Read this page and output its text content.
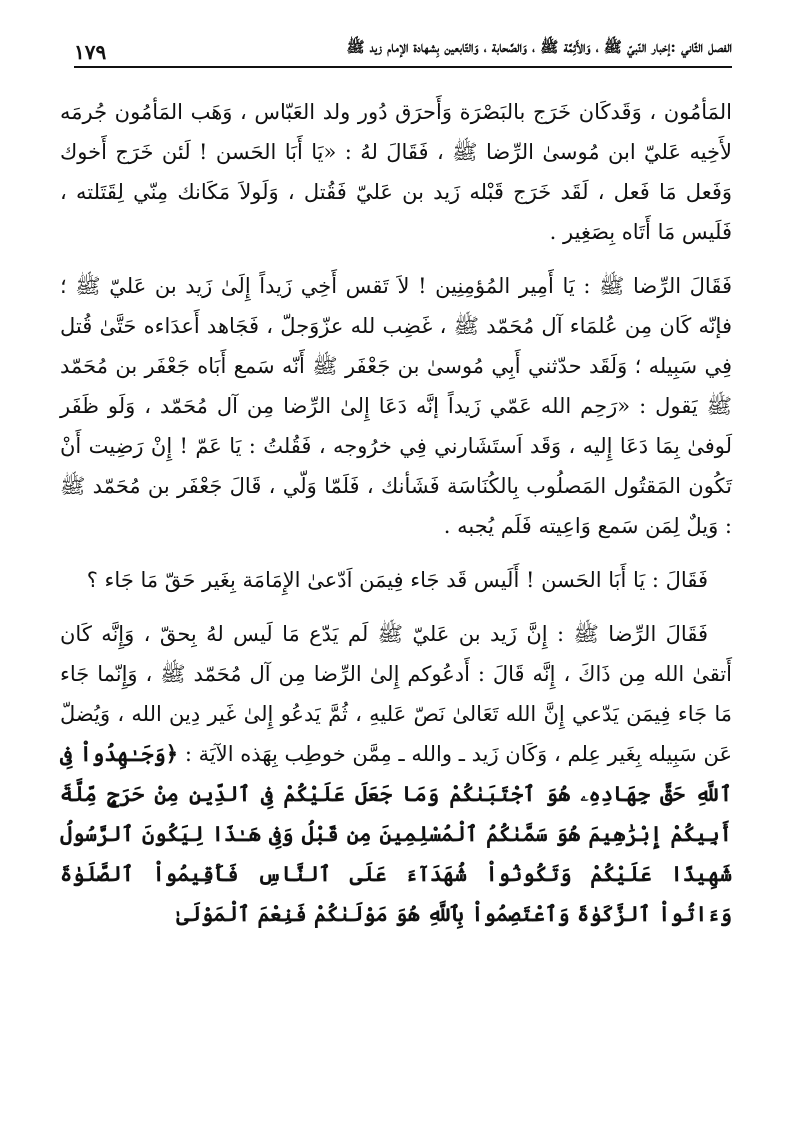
الفصل الثّاني :إخبار النّبيّ ﷺ ، وَالأَئِمَّة ﷺ ، وَالصَّحابة ، وَالتّابعين بِشهادة الإمام زيد ﷺ
١٧٩

المَأمُون ، وَقَدكَان خَرَج بالبَصْرَة وَأَحرَق دُور ولد العَبّاس ، وَهَب المَأمُون جُرمَه لأَخِيه عَليّ ابن مُوسىٰ الرِّضا ﷺ ، فَقَالَ لهُ : «يَا أَبَا الحَسن ! لَئن خَرَج أَخوك وَفَعل مَا فَعل ، لَقَد خَرَج قَبْله زَيد بن عَليّ فَقُتل ، وَلَولاَ مَكَانك مِنّي لِقَتَلته ، فَلَيس مَا أَتَاه بِصَغِير .

فَقَالَ الرِّضا ﷺ : يَا أَمِير المُؤمِنِين ! لاَ تَقس أَخِي زَيداً إِلَىٰ زَيد بن عَليّ ﷺ ؛ فإنّه كَان مِن عُلمَاء آل مُحَمّد ﷺ ، غَضِب لله عزّوَجلّ ، فَجَاهد أَعدَاءه حَتَّىٰ قُتل فِي سَبِيله ؛ وَلَقَد حدّثني أَبِي مُوسىٰ بن جَعْفَر ﷺ أَنّه سَمع أَبَاه جَعْفَر بن مُحَمّد ﷺ يَقول : «رَحِم الله عَمّي زَيداً إنَّه دَعَا إِلىٰ الرِّضا مِن آل مُحَمّد ، وَلَو ظَفَر لَوفىٰ بِمَا دَعَا إِليه ، وَقَد اَستَشَارني فِي خرُوجه ، فَقُلتُ : يَا عَمّ ! إِنْ رَضِيت أَنْ تَكُون المَقتُول المَصلُوب بِالكُنَاسَة فَشَأنك ، فَلَمّا وَلّي ، قَالَ جَعْفَر بن مُحَمّد ﷺ : وَيلٌ لِمَن سَمع وَاعِيته فَلَم يُجبه .

فَقَالَ : يَا أَبَا الحَسن ! أَلَيس قَد جَاء فِيمَن اَدّعىٰ الإِمَامَة بِغَير حَقّ مَا جَاء ؟

فَقَالَ الرِّضا ﷺ : إِنَّ زَيد بن عَليّ ﷺ لَم يَدّع مَا لَيس لهُ بِحقّ ، وَإِنَّه كَان أَتقىٰ الله مِن ذَاكَ ، إِنَّه قَالَ : أَدعُوكم إِلىٰ الرِّضا مِن آل مُحَمّد ﷺ ، وَإِنّما جَاء مَا جَاء فِيمَن يَدّعي إِنَّ الله تَعَالىٰ نَصّ عَليهِ ، ثُمَّ يَدعُو إِلىٰ غَير دِين الله ، وَيُضلّ عَن سَبِيله بِغَير عِلم ، وَكَان زَيد ـ والله ـ مِمَّن خوطِب بِهَذه الآيَة : ﴿وَجَـٰهِدُواْ فِى ٱللَّهِ حَقَّ جِهَادِهِۦ هُوَ ٱجْتَبَىٰكُمْ وَمَا جَعَلَ عَلَيْكُمْ فِى ٱلدِّينِ مِنْ حَرَجٍ مِّلَّةَ أَبِيكُمْ إِبْرَٰهِيمَ هُوَ سَمَّىٰكُمُ ٱلْمُسْلِمِينَ مِن قَبْلُ وَفِى هَـٰذَا لِيَكُونَ ٱلرَّسُولُ شَهِيدًا عَلَيْكُمْ وَتَكُونُواْ شُهَدَآءَ عَلَى ٱلنَّاسِ فَأَقِيمُواْ ٱلصَّلَوٰةَ وَءَاتُواْ ٱلزَّكَوٰةَ وَٱعْتَصِمُواْ بِٱللَّهِ هُوَ مَوْلَىٰكُمْ فَنِعْمَ ٱلْمَوْلَىٰ
